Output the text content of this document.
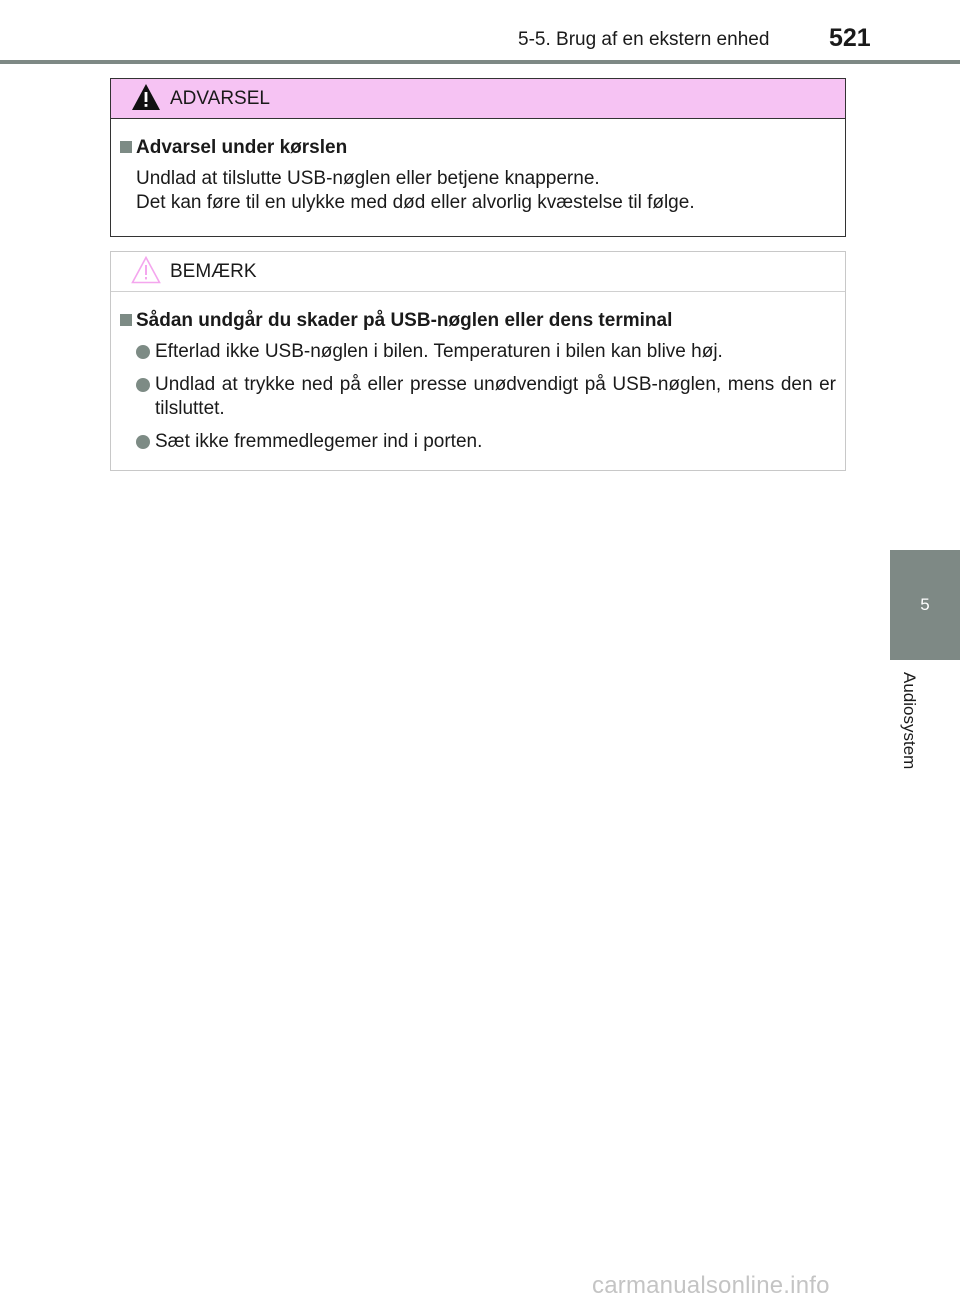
5-5. Brug af en ekstern enhed 521
ADVARSEL
Advarsel under kørslen
Undlad at tilslutte USB-nøglen eller betjene knapperne.
Det kan føre til en ulykke med død eller alvorlig kvæstelse til følge.
BEMÆRK
Sådan undgår du skader på USB-nøglen eller dens terminal
Efterlad ikke USB-nøglen i bilen. Temperaturen i bilen kan blive høj.
Undlad at trykke ned på eller presse unødvendigt på USB-nøglen, mens den er tilsluttet.
Sæt ikke fremmedlegemer ind i porten.
5
Audiosystem
carmanualsonline.info
